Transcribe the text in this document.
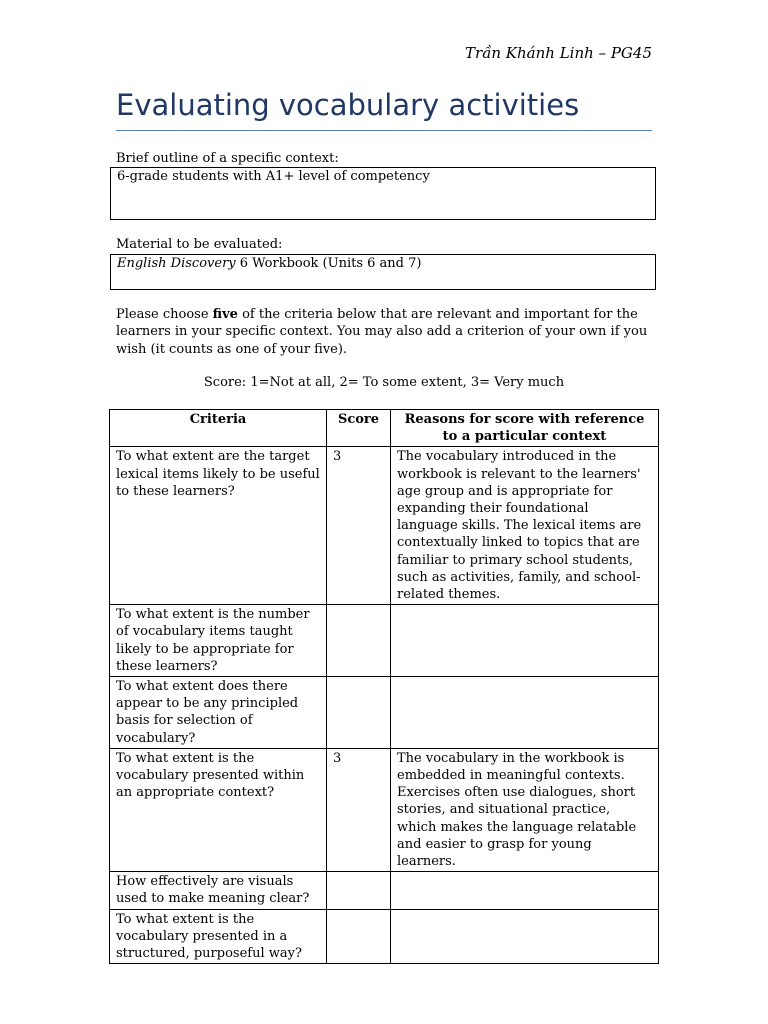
Trần Khánh Linh – PG45
Evaluating vocabulary activities
Brief outline of a specific context:
6-grade students with A1+ level of competency
Material to be evaluated:
English Discovery 6 Workbook (Units 6 and 7)
Please choose five of the criteria below that are relevant and important for the learners in your specific context. You may also add a criterion of your own if you wish (it counts as one of your five).
Score: 1=Not at all, 2= To some extent, 3= Very much
Criteria	Score	Reasons for score with reference to a particular context
To what extent are the target lexical items likely to be useful to these learners?	3	The vocabulary introduced in the workbook is relevant to the learners' age group and is appropriate for expanding their foundational language skills. The lexical items are contextually linked to topics that are familiar to primary school students, such as activities, family, and school-related themes.
To what extent is the number of vocabulary items taught likely to be appropriate for these learners?		
To what extent does there appear to be any principled basis for selection of vocabulary?		
To what extent is the vocabulary presented within an appropriate context?	3	The vocabulary in the workbook is embedded in meaningful contexts. Exercises often use dialogues, short stories, and situational practice, which makes the language relatable and easier to grasp for young learners.
How effectively are visuals used to make meaning clear?		
To what extent is the vocabulary presented in a structured, purposeful way?		
